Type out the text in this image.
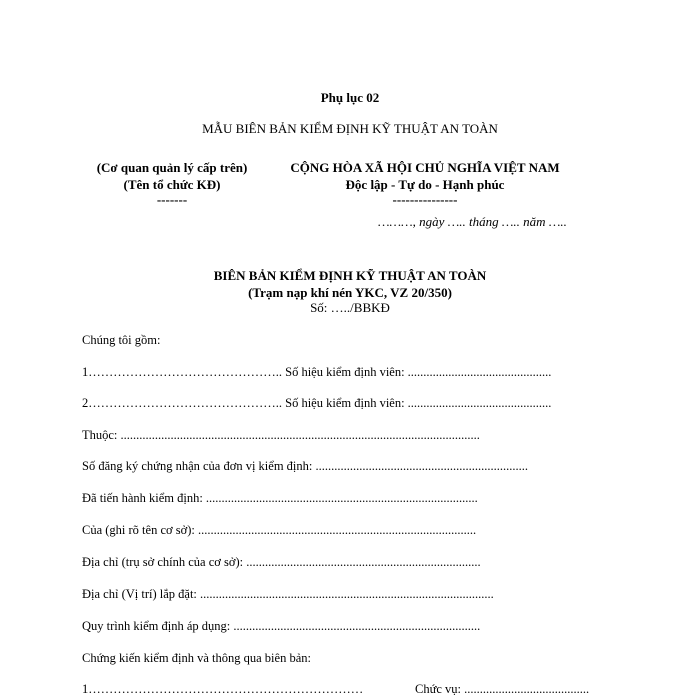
Phụ lục 02
MẪU BIÊN BẢN KIỂM ĐỊNH KỸ THUẬT AN TOÀN
(Cơ quan quản lý cấp trên)
(Tên tổ chức KĐ)
-------
CỘNG HÒA XÃ HỘI CHỦ NGHĨA VIỆT NAM
Độc lập - Tự do - Hạnh phúc
---------------
………, ngày ….. tháng ….. năm …..
BIÊN BẢN KIỂM ĐỊNH KỸ THUẬT AN TOÀN
(Trạm nạp khí nén YKC, VZ 20/350)
Số: …../BBKĐ
Chúng tôi gồm:
1……………………………………….. Số hiệu kiểm định viên: ..............................................
2……………………………………….. Số hiệu kiểm định viên: ..............................................
Thuộc: ...................................................................................................................
Số đăng ký chứng nhận của đơn vị kiểm định: ....................................................................
Đã tiến hành kiểm định: .......................................................................................
Của (ghi rõ tên cơ sở): .........................................................................................
Địa chỉ (trụ sở chính của cơ sở): ...........................................................................
Địa chỉ (Vị trí) lắp đặt: ..............................................................................................
Quy trình kiểm định áp dụng: ...............................................................................
Chứng kiến kiểm định và thông qua biên bản:
1…………………………………………………………	Chức vụ: ........................................
